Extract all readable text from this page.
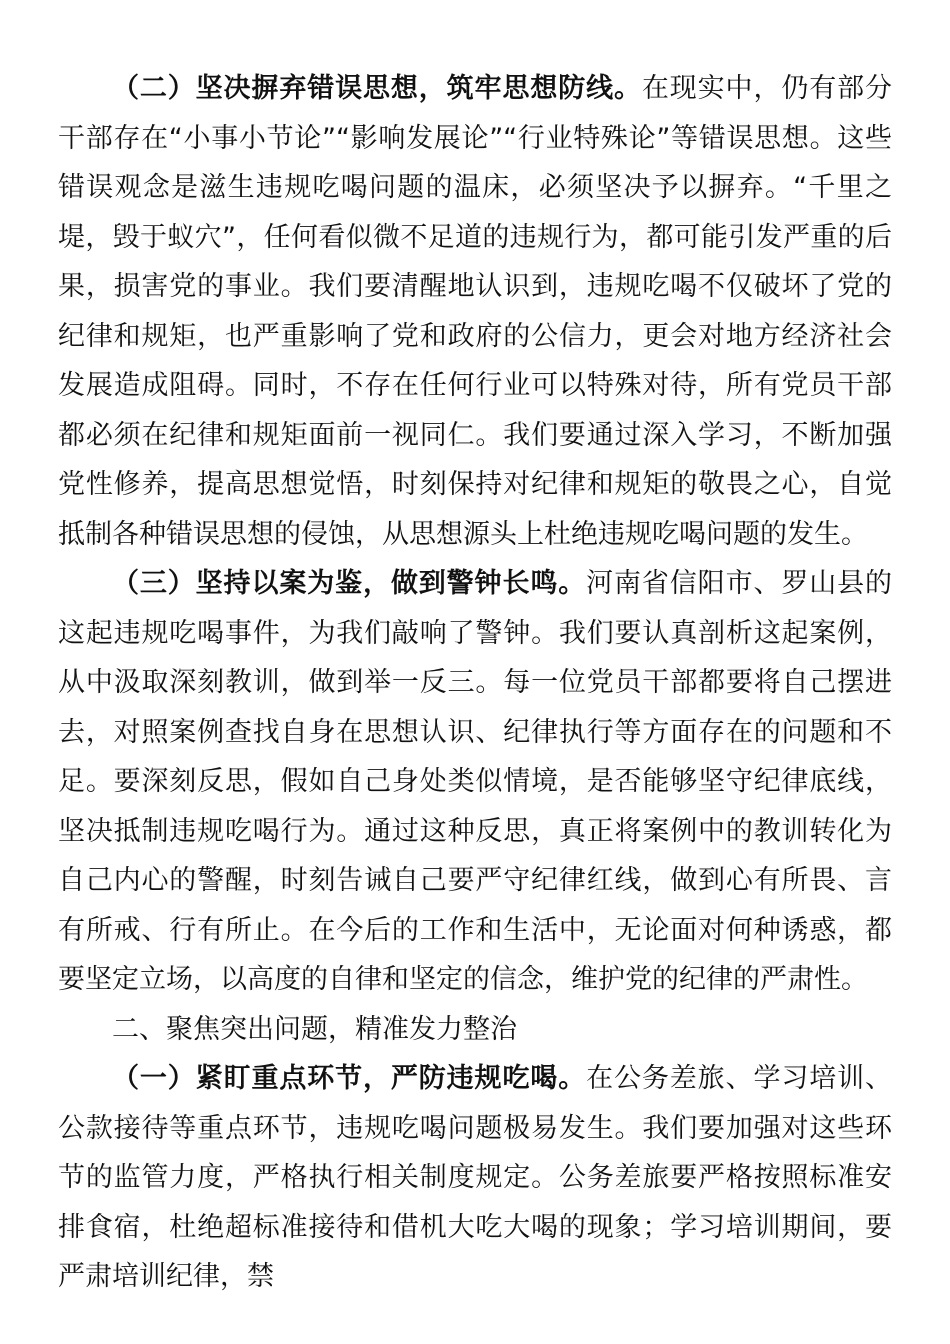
（二）坚决摒弃错误思想，筑牢思想防线。在现实中，仍有部分干部存在“小事小节论”“影响发展论”“行业特殊论”等错误思想。这些错误观念是滋生违规吃喝问题的温床，必须坚决予以摒弃。“千里之堤，毁于蚁穴”，任何看似微不足道的违规行为，都可能引发严重的后果，损害党的事业。我们要清醒地认识到，违规吃喝不仅破坏了党的纪律和规矩，也严重影响了党和政府的公信力，更会对地方经济社会发展造成阻碍。同时，不存在任何行业可以特殊对待，所有党员干部都必须在纪律和规矩面前一视同仁。我们要通过深入学习，不断加强党性修养，提高思想觉悟，时刻保持对纪律和规矩的敬畏之心，自觉抵制各种错误思想的侵蚀，从思想源头上杜绝违规吃喝问题的发生。

（三）坚持以案为鉴，做到警钟长鸣。河南省信阳市、罗山县的这起违规吃喝事件，为我们敲响了警钟。我们要认真剖析这起案例，从中汲取深刻教训，做到举一反三。每一位党员干部都要将自己摆进去，对照案例查找自身在思想认识、纪律执行等方面存在的问题和不足。要深刻反思，假如自己身处类似情境，是否能够坚守纪律底线，坚决抵制违规吃喝行为。通过这种反思，真正将案例中的教训转化为自己内心的警醒，时刻告诫自己要严守纪律红线，做到心有所畏、言有所戒、行有所止。在今后的工作和生活中，无论面对何种诱惑，都要坚定立场，以高度的自律和坚定的信念，维护党的纪律的严肃性。

二、聚焦突出问题，精准发力整治

（一）紧盯重点环节，严防违规吃喝。在公务差旅、学习培训、公款接待等重点环节，违规吃喝问题极易发生。我们要加强对这些环节的监管力度，严格执行相关制度规定。公务差旅要严格按照标准安排食宿，杜绝超标准接待和借机大吃大喝的现象；学习培训期间，要严肃培训纪律，禁
